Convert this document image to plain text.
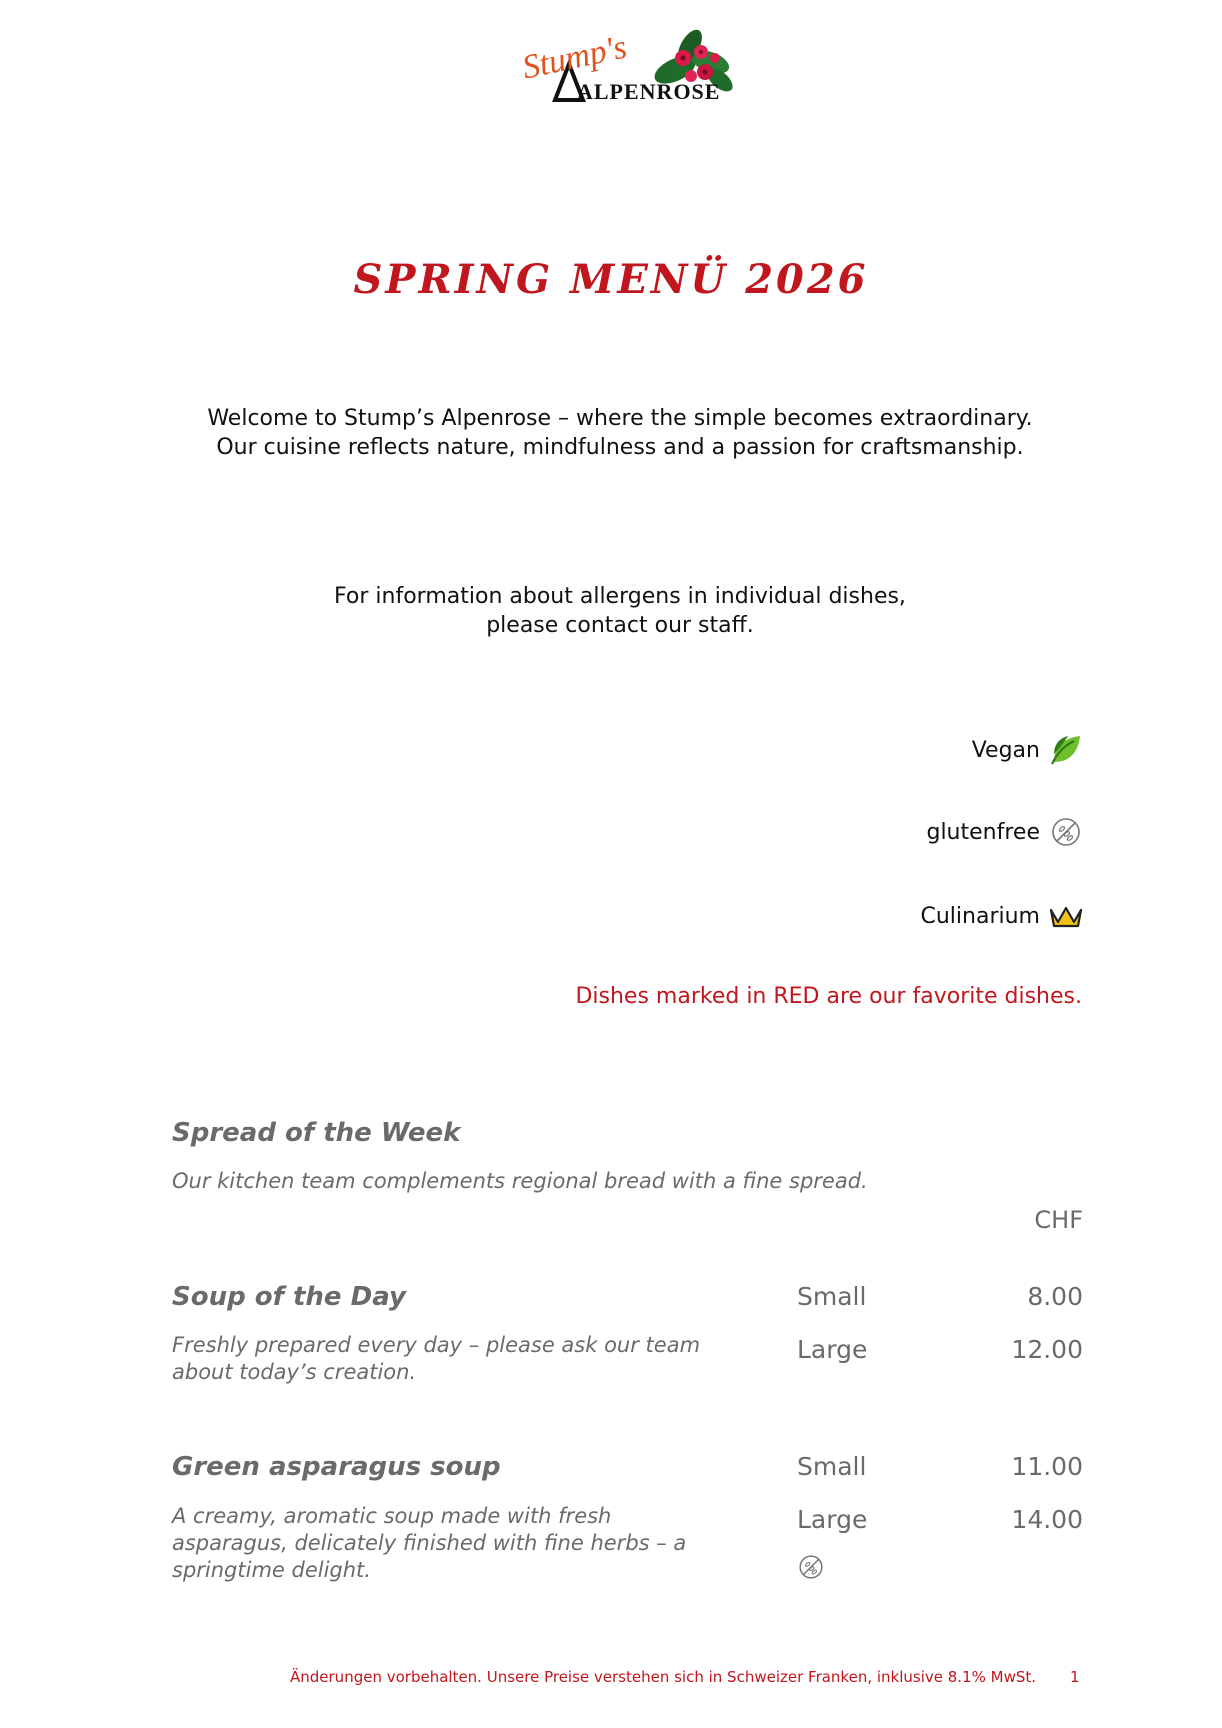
Stump's
ALPENROSE
SPRING MENÜ 2026
Welcome to Stump’s Alpenrose – where the simple becomes extraordinary.
Our cuisine reflects nature, mindfulness and a passion for craftsmanship.
For information about allergens in individual dishes,
please contact our staff.
Vegan
glutenfree
Culinarium
Dishes marked in RED are our favorite dishes.
Spread of the Week
Our kitchen team complements regional bread with a fine spread.
CHF
Soup of the Day
Freshly prepared every day – please ask our team about today’s creation.
Small	8.00
Large	12.00
Green asparagus soup
A creamy, aromatic soup made with fresh asparagus, delicately finished with fine herbs – a springtime delight.
Small	11.00
Large	14.00
Änderungen vorbehalten. Unsere Preise verstehen sich in Schweizer Franken, inklusive 8.1% MwSt. 1
